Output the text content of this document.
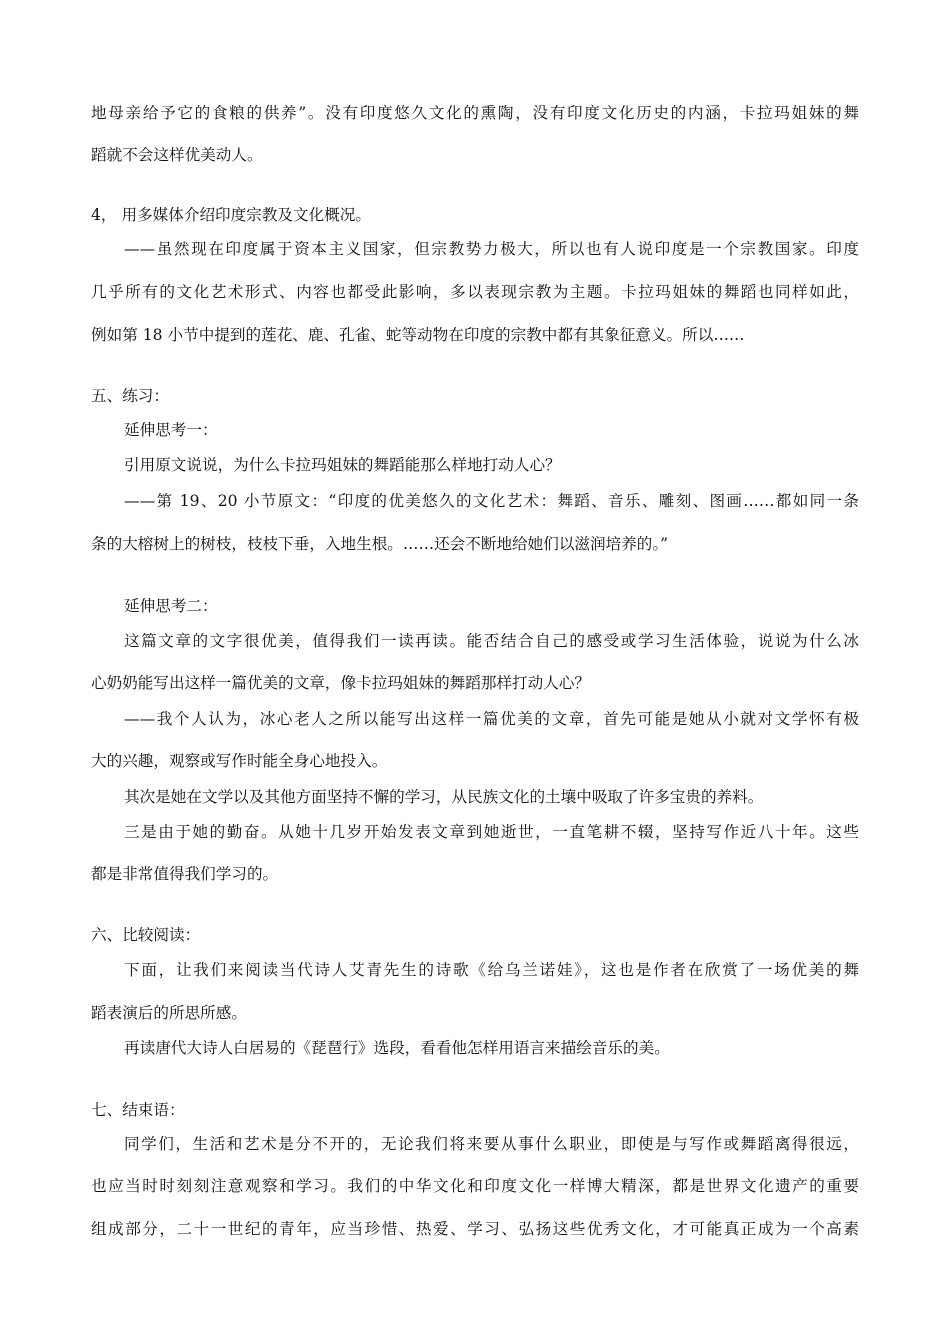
地母亲给予它的食粮的供养”。没有印度悠久文化的熏陶，没有印度文化历史的内涵，卡拉玛姐妹的舞
蹈就不会这样优美动人。
4， 用多媒体介绍印度宗教及文化概况。
——虽然现在印度属于资本主义国家，但宗教势力极大，所以也有人说印度是一个宗教国家。印度
几乎所有的文化艺术形式、内容也都受此影响，多以表现宗教为主题。卡拉玛姐妹的舞蹈也同样如此，
例如第 18 小节中提到的莲花、鹿、孔雀、蛇等动物在印度的宗教中都有其象征意义。所以……
五、练习：
延伸思考一：
引用原文说说，为什么卡拉玛姐妹的舞蹈能那么样地打动人心？
——第 19、20 小节原文：“印度的优美悠久的文化艺术：舞蹈、音乐、雕刻、图画……都如同一条
条的大榕树上的树枝，枝枝下垂，入地生根。……还会不断地给她们以滋润培养的。”
延伸思考二：
这篇文章的文字很优美，值得我们一读再读。能否结合自己的感受或学习生活体验，说说为什么冰
心奶奶能写出这样一篇优美的文章，像卡拉玛姐妹的舞蹈那样打动人心？
——我个人认为，冰心老人之所以能写出这样一篇优美的文章，首先可能是她从小就对文学怀有极
大的兴趣，观察或写作时能全身心地投入。
其次是她在文学以及其他方面坚持不懈的学习，从民族文化的土壤中吸取了许多宝贵的养料。
三是由于她的勤奋。从她十几岁开始发表文章到她逝世，一直笔耕不辍，坚持写作近八十年。这些
都是非常值得我们学习的。
六、比较阅读：
下面，让我们来阅读当代诗人艾青先生的诗歌《给乌兰诺娃》，这也是作者在欣赏了一场优美的舞
蹈表演后的所思所感。
再读唐代大诗人白居易的《琵琶行》选段，看看他怎样用语言来描绘音乐的美。
七、结束语：
同学们，生活和艺术是分不开的，无论我们将来要从事什么职业，即使是与写作或舞蹈离得很远，
也应当时时刻刻注意观察和学习。我们的中华文化和印度文化一样博大精深，都是世界文化遗产的重要
组成部分，二十一世纪的青年，应当珍惜、热爱、学习、弘扬这些优秀文化，才可能真正成为一个高素
